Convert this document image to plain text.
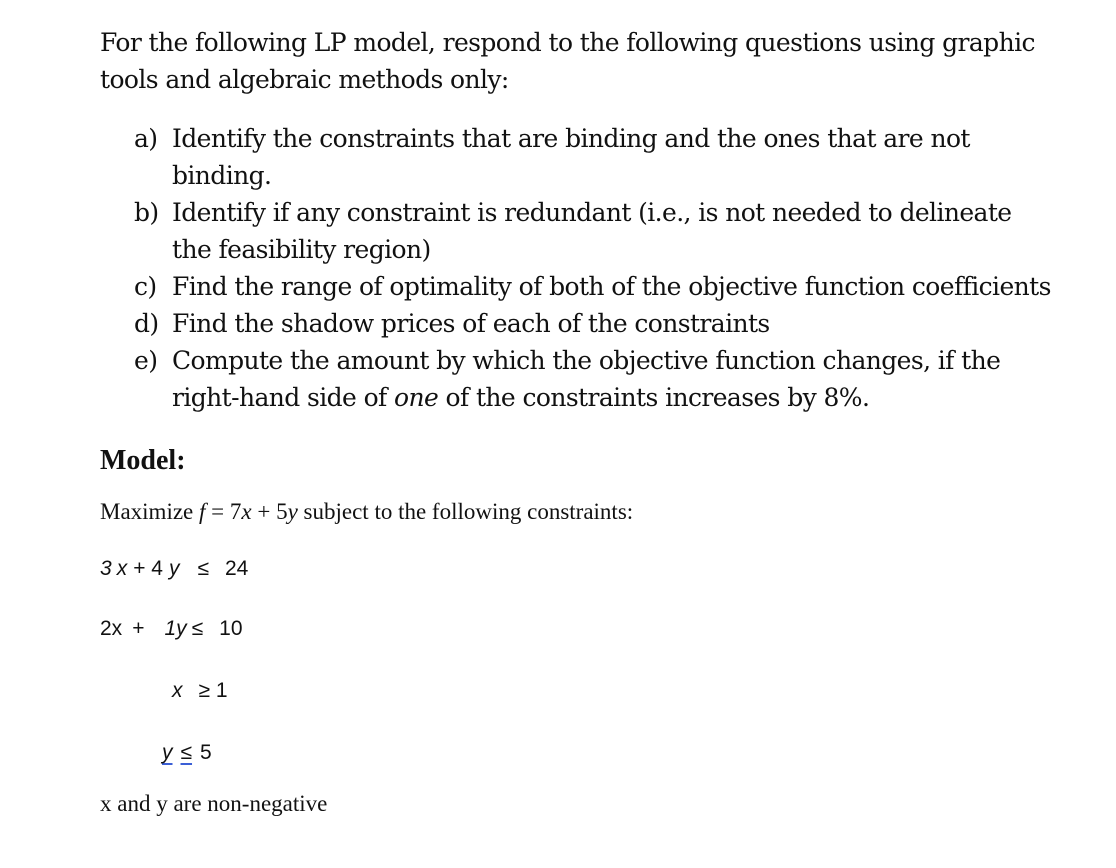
For the following LP model, respond to the following questions using graphic
tools and algebraic methods only:
a) Identify the constraints that are binding and the ones that are not
binding.
b) Identify if any constraint is redundant (i.e., is not needed to delineate
the feasibility region)
c) Find the range of optimality of both of the objective function coefficients
d) Find the shadow prices of each of the constraints
e) Compute the amount by which the objective function changes, if the
right-hand side of one of the constraints increases by 8%.
Model:
Maximize f = 7x + 5y subject to the following constraints:
3 x + 4 y ≤ 24
2x + 1y ≤ 10
x ≥ 1
y ≤ 5
x and y are non-negative
